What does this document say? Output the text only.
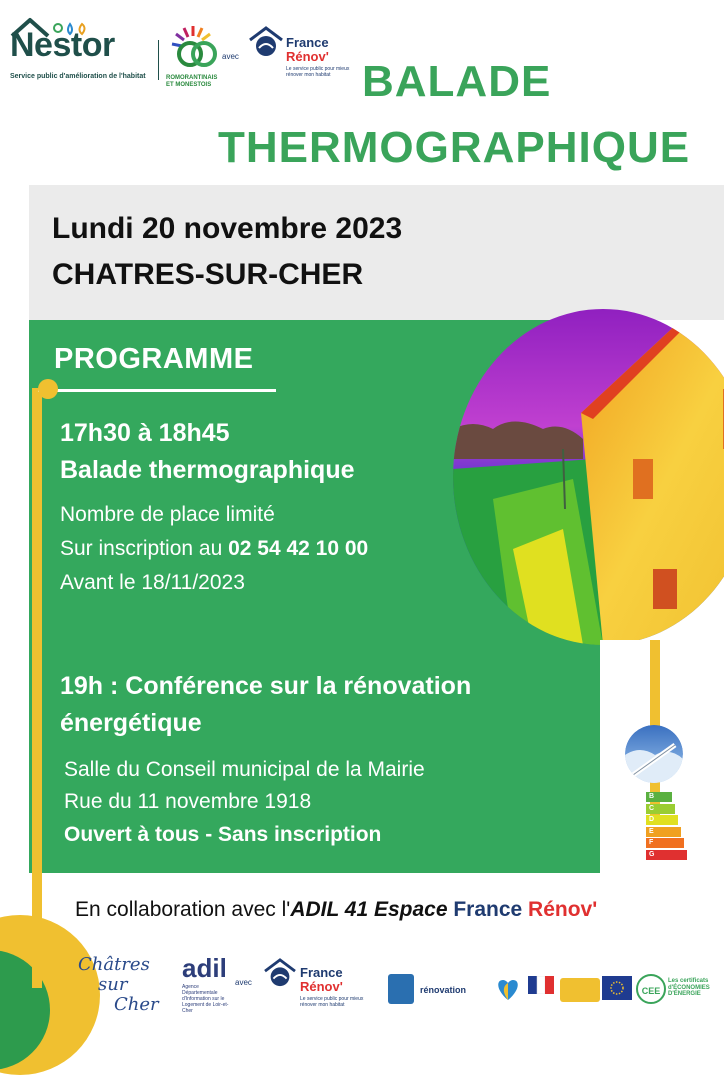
Nestor
Service public d'amélioration de l'habitat	ROMORANTINAIS ET MONESTOIS
avec
France
Rénov'
Le service public pour mieux rénover mon habitat BALADE
THERMOGRAPHIQUE
Lundi 20 novembre 2023
CHATRES-SUR-CHER
PROGRAMME
17h30 à 18h45
Balade thermographique
Nombre de place limité
Sur inscription au 02 54 42 10 00
Avant le 18/11/2023
19h : Conférence sur la rénovation
énergétique
Salle du Conseil municipal de la Mairie
Rue du 11 novembre 1918
Ouvert à tous - Sans inscription
B
C
D
E
F
G
En collaboration avec l'ADIL 41 Espace France Rénov'
Châtres
sur
Cher
adil
Agence Départementale d'Information sur le Logement de Loir-et-Cher
avec
France
Rénov'
Le service public pour mieux rénover mon habitat
rénovation	CEE
Les certificats d'ÉCONOMIES D'ÉNERGIE
